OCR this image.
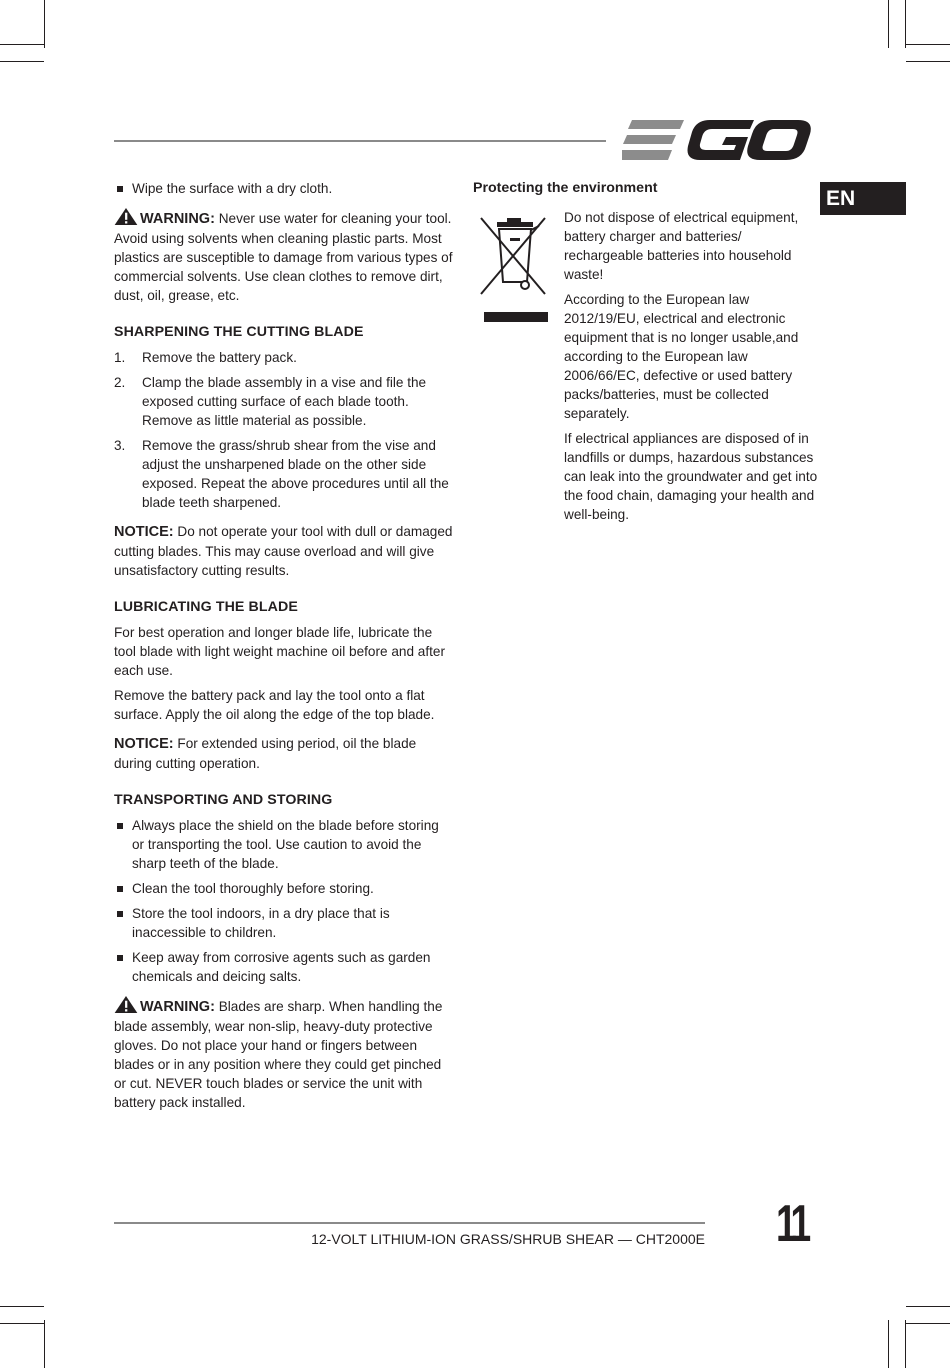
EN
Wipe the surface with a dry cloth.

WARNING: Never use water for cleaning your tool. Avoid using solvents when cleaning plastic parts. Most plastics are susceptible to damage from various types of commercial solvents. Use clean clothes to remove dirt, dust, oil, grease, etc.

SHARPENING THE CUTTING BLADE
1. Remove the battery pack.
2. Clamp the blade assembly in a vise and file the exposed cutting surface of each blade tooth. Remove as little material as possible.
3. Remove the grass/shrub shear from the vise and adjust the unsharpened blade on the other side exposed. Repeat the above procedures until all the blade teeth sharpened.

NOTICE: Do not operate your tool with dull or damaged cutting blades. This may cause overload and will give unsatisfactory cutting results.

LUBRICATING THE BLADE

For best operation and longer blade life, lubricate the tool blade with light weight machine oil before and after each use.

Remove the battery pack and lay the tool onto a flat surface. Apply the oil along the edge of the top blade.

NOTICE: For extended using period, oil the blade during cutting operation.

TRANSPORTING AND STORING
Always place the shield on the blade before storing or transporting the tool. Use caution to avoid the sharp teeth of the blade.
Clean the tool thoroughly before storing.
Store the tool indoors, in a dry place that is inaccessible to children.
Keep away from corrosive agents such as garden chemicals and deicing salts.

WARNING: Blades are sharp. When handling the blade assembly, wear non-slip, heavy-duty protective gloves. Do not place your hand or fingers between blades or in any position where they could get pinched or cut. NEVER touch blades or service the unit with battery pack installed.

Protecting the environment

Do not dispose of electrical equipment, battery charger and batteries/ rechargeable batteries into household waste!

According to the European law 2012/19/EU, electrical and electronic equipment that is no longer usable,and according to the European law 2006/66/EC, defective or used battery packs/batteries, must be collected separately.

If electrical appliances are disposed of in landfills or dumps, hazardous substances can leak into the groundwater and get into the food chain, damaging your health and well-being.

12-VOLT LITHIUM-ION GRASS/SHRUB SHEAR — CHT2000E 11
